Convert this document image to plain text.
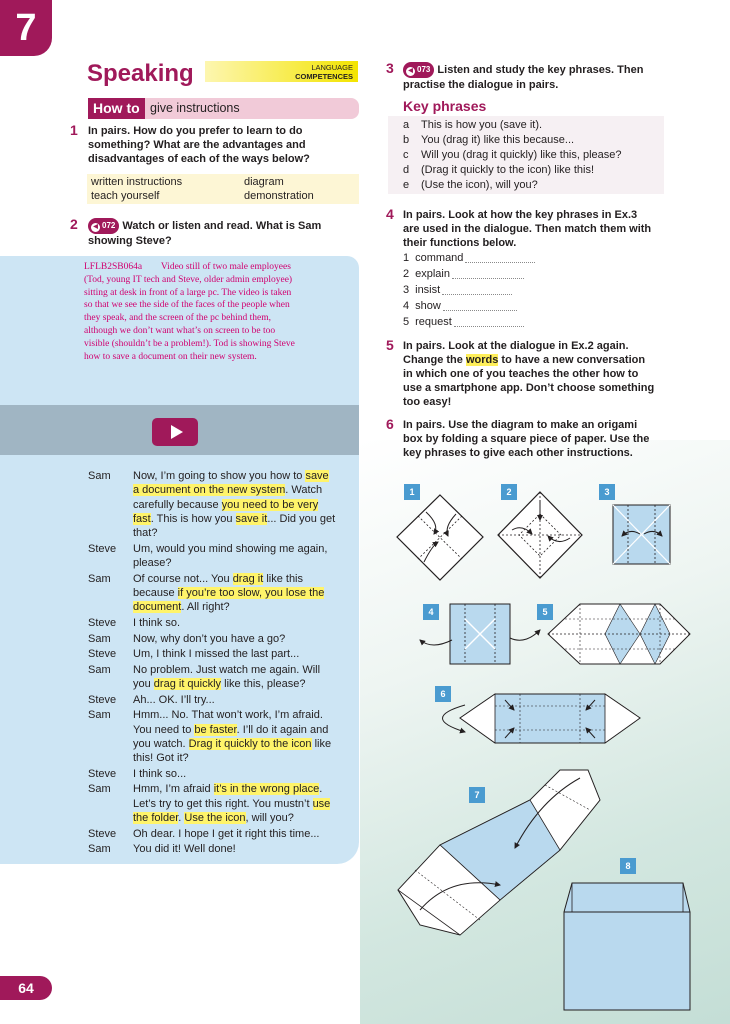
7
64
Speaking	LANGUAGE
COMPETENCES
How to give instructions
1 In pairs. How do you prefer to learn to do
something? What are the advantages and
disadvantages of each of the ways below?
written instructions	diagram
teach yourself	demonstration
2	◀ 072 Watch or listen and read. What is Sam
showing Steve?
LFLB2SB064a        Video still of two male employees
(Tod, young IT tech and Steve, older admin employee)
sitting at desk in front of a large pc. The video is taken
so that we see the side of the faces of the people when
they speak, and the screen of the pc behind them,
although we don’t want what’s on screen to be too
visible (shouldn’t be a problem!). Tod is showing Steve
how to save a document on their new system.
Sam Now, I’m going to show you how to save
a document on the new system. Watch
carefully because you need to be very
fast. This is how you save it... Did you get
that?
Steve Um, would you mind showing me again,
please?
Sam Of course not... You drag it like this
because if you’re too slow, you lose the
document. All right?
Steve I think so.
Sam Now, why don’t you have a go?
Steve Um, I think I missed the last part...
Sam No problem. Just watch me again. Will
you drag it quickly like this, please?
Steve Ah... OK. I’ll try...
Sam Hmm... No. That won’t work, I’m afraid.
You need to be faster. I’ll do it again and
you watch. Drag it quickly to the icon like
this! Got it?
Steve I think so...
Sam Hmm, I’m afraid it’s in the wrong place.
Let’s try to get this right. You mustn’t use
the folder. Use the icon, will you?
Steve Oh dear. I hope I get it right this time...
Sam You did it! Well done!
3	◀ 073 Listen and study the key phrases. Then
practise the dialogue in pairs.
Key phrases
a This is how you (save it).
b You (drag it) like this because...
c Will you (drag it quickly) like this, please?
d (Drag it quickly to the icon) like this!
e (Use the icon), will you?
4 In pairs. Look at how the key phrases in Ex.3
are used in the dialogue. Then match them with
their functions below.
1 command
2 explain
3 insist
4 show
5 request
5 In pairs. Look at the dialogue in Ex.2 again.
Change the words to have a new conversation
in which one of you teaches the other how to
use a smartphone app. Don’t choose something
too easy!
6 In pairs. Use the diagram to make an origami
box by folding a square piece of paper. Use the
key phrases to give each other instructions.
1	2	3
4	5
6
7
8
